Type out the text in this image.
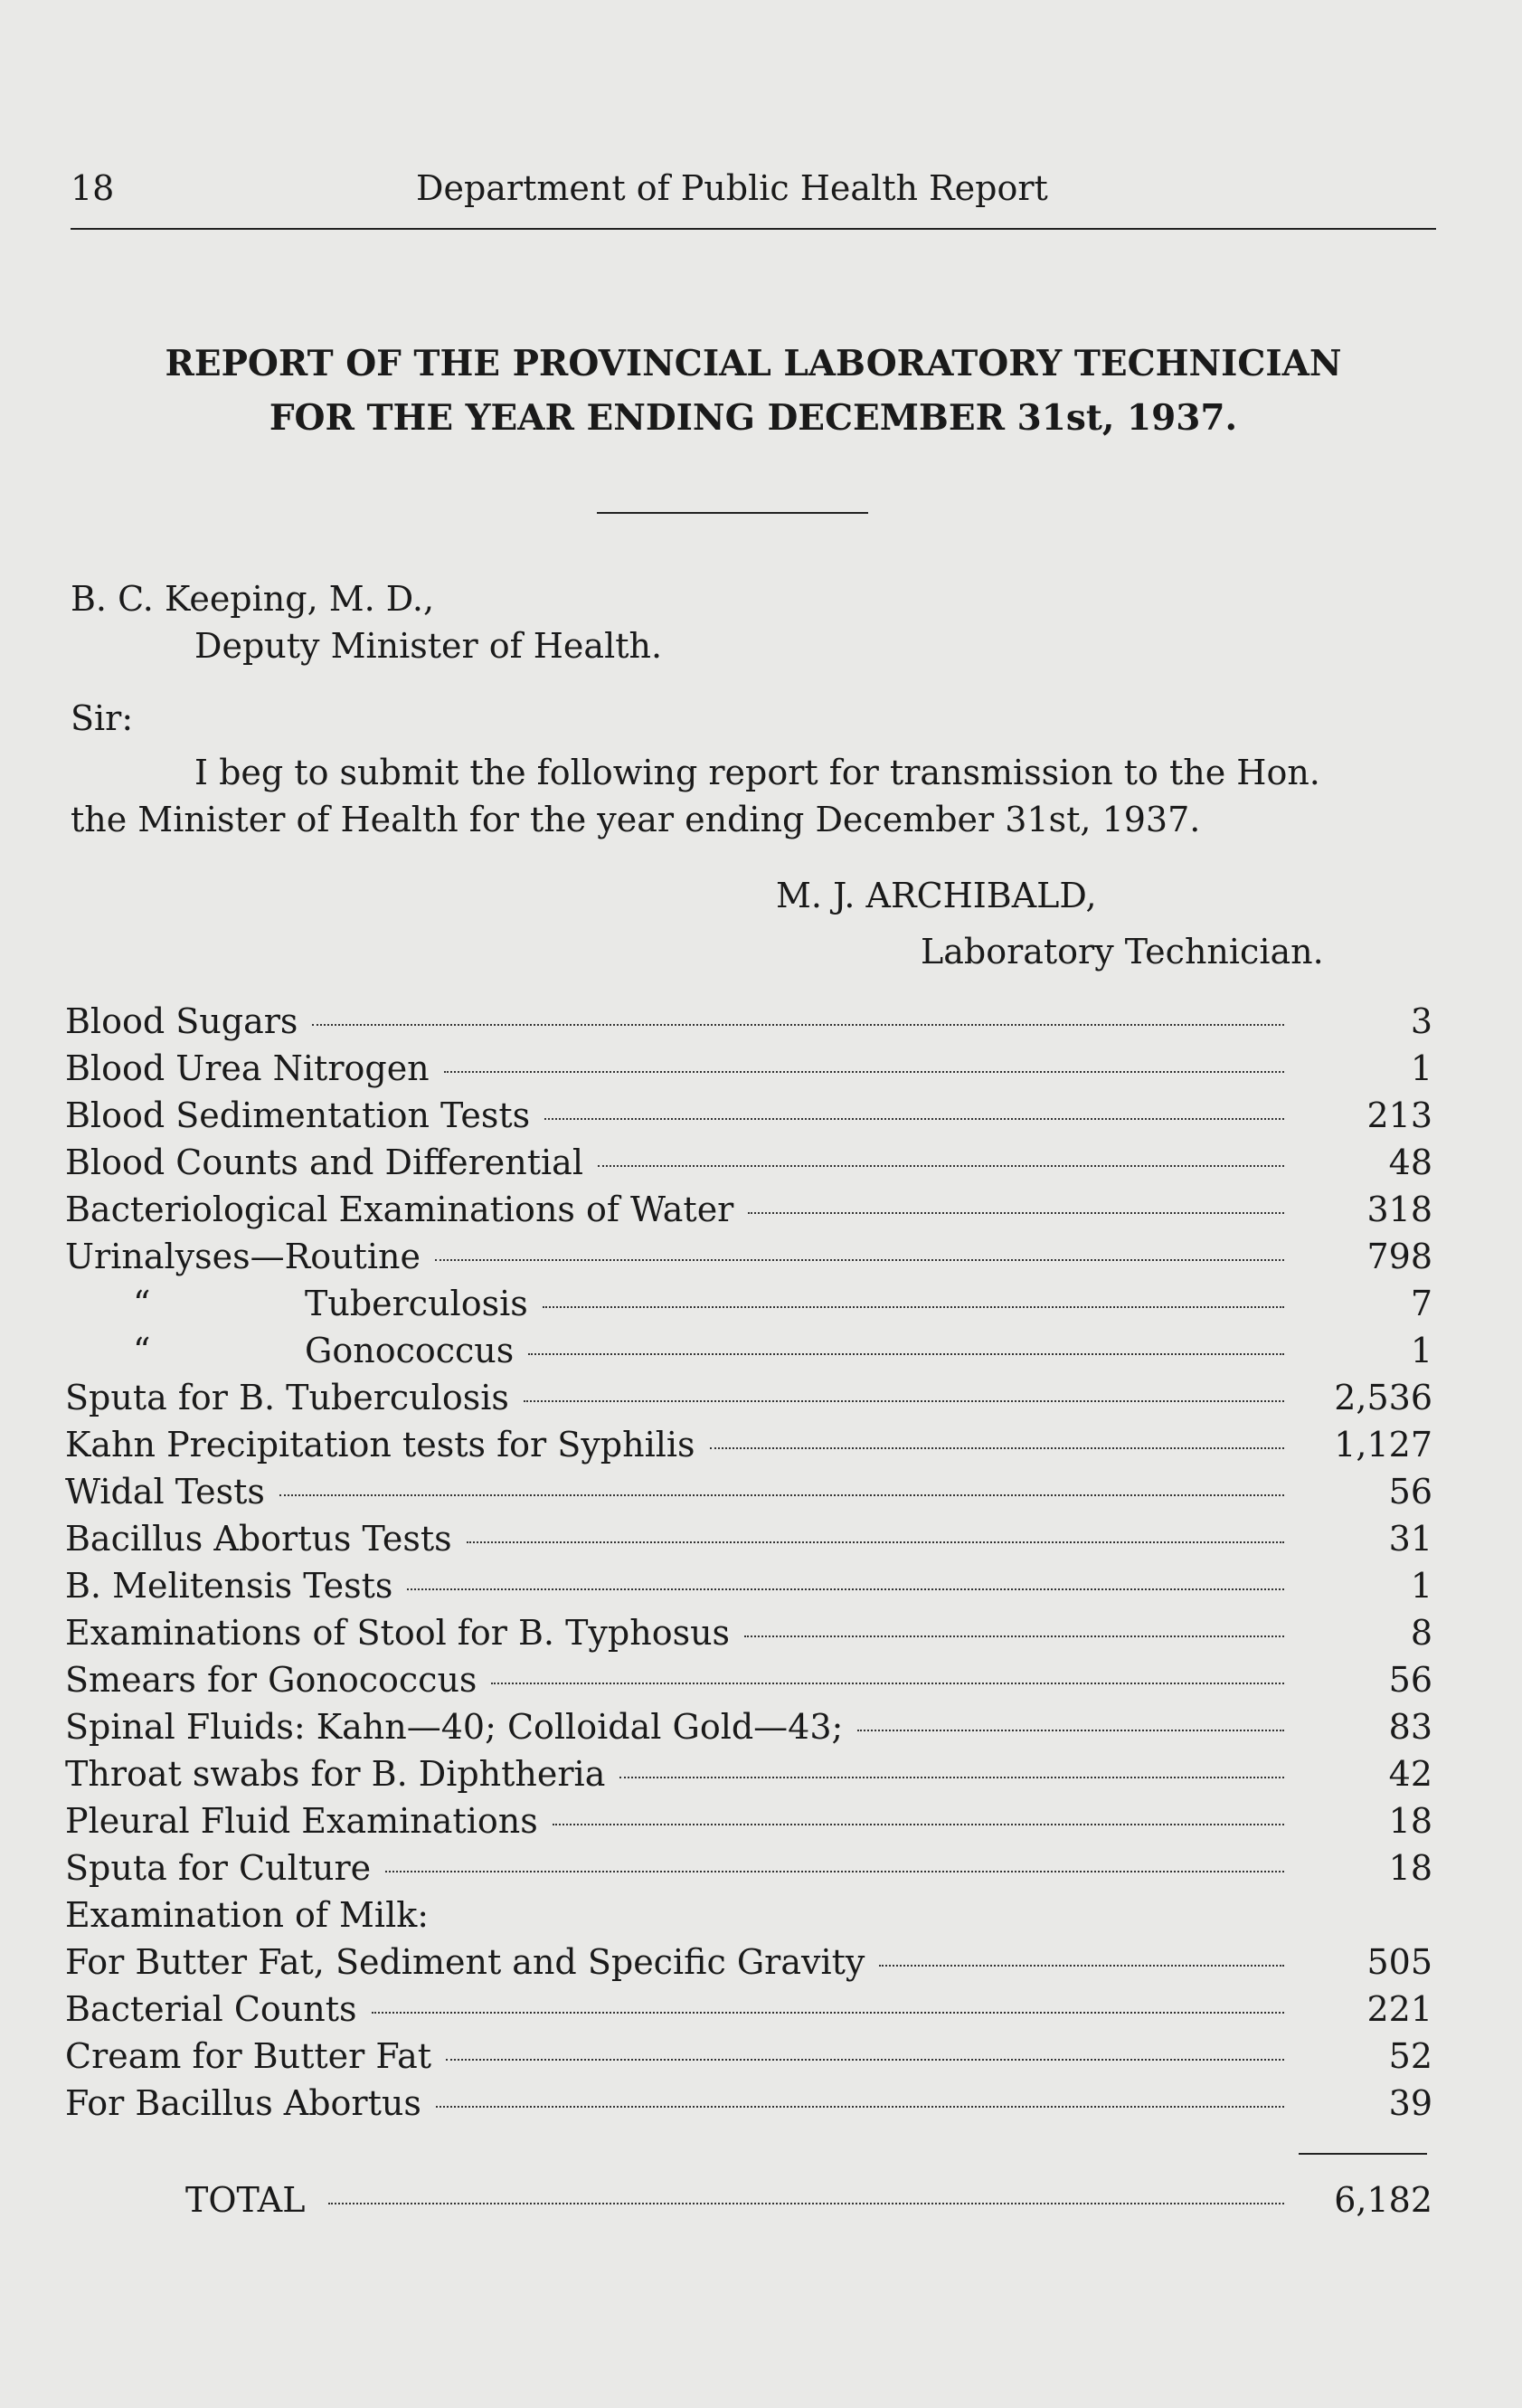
18	Department of Public Health Report
REPORT OF THE PROVINCIAL LABORATORY TECHNICIAN
FOR THE YEAR ENDING DECEMBER 31st, 1937.
B. C. Keeping, M. D.,
Deputy Minister of Health.
Sir:
I beg to submit the following report for transmission to the Hon.
the Minister of Health for the year ending December 31st, 1937.
M. J. ARCHIBALD,
Laboratory Technician.
Blood Sugars	3
Blood Urea Nitrogen	1
Blood Sedimentation Tests	213
Blood Counts and Differential	48
Bacteriological Examinations of Water	318
Urinalyses—Routine	798
“	Tuberculosis	7
“	Gonococcus	1
Sputa for B. Tuberculosis	2,536
Kahn Precipitation tests for Syphilis	1,127
Widal Tests	56
Bacillus Abortus Tests	31
B. Melitensis Tests	1
Examinations of Stool for B. Typhosus	8
Smears for Gonococcus	56
Spinal Fluids: Kahn—40; Colloidal Gold—43;	83
Throat swabs for B. Diphtheria	42
Pleural Fluid Examinations	18
Sputa for Culture	18
Examination of Milk:
For Butter Fat, Sediment and Specific Gravity	505
Bacterial Counts	221
Cream for Butter Fat	52
For Bacillus Abortus	39
TOTAL	6,182
